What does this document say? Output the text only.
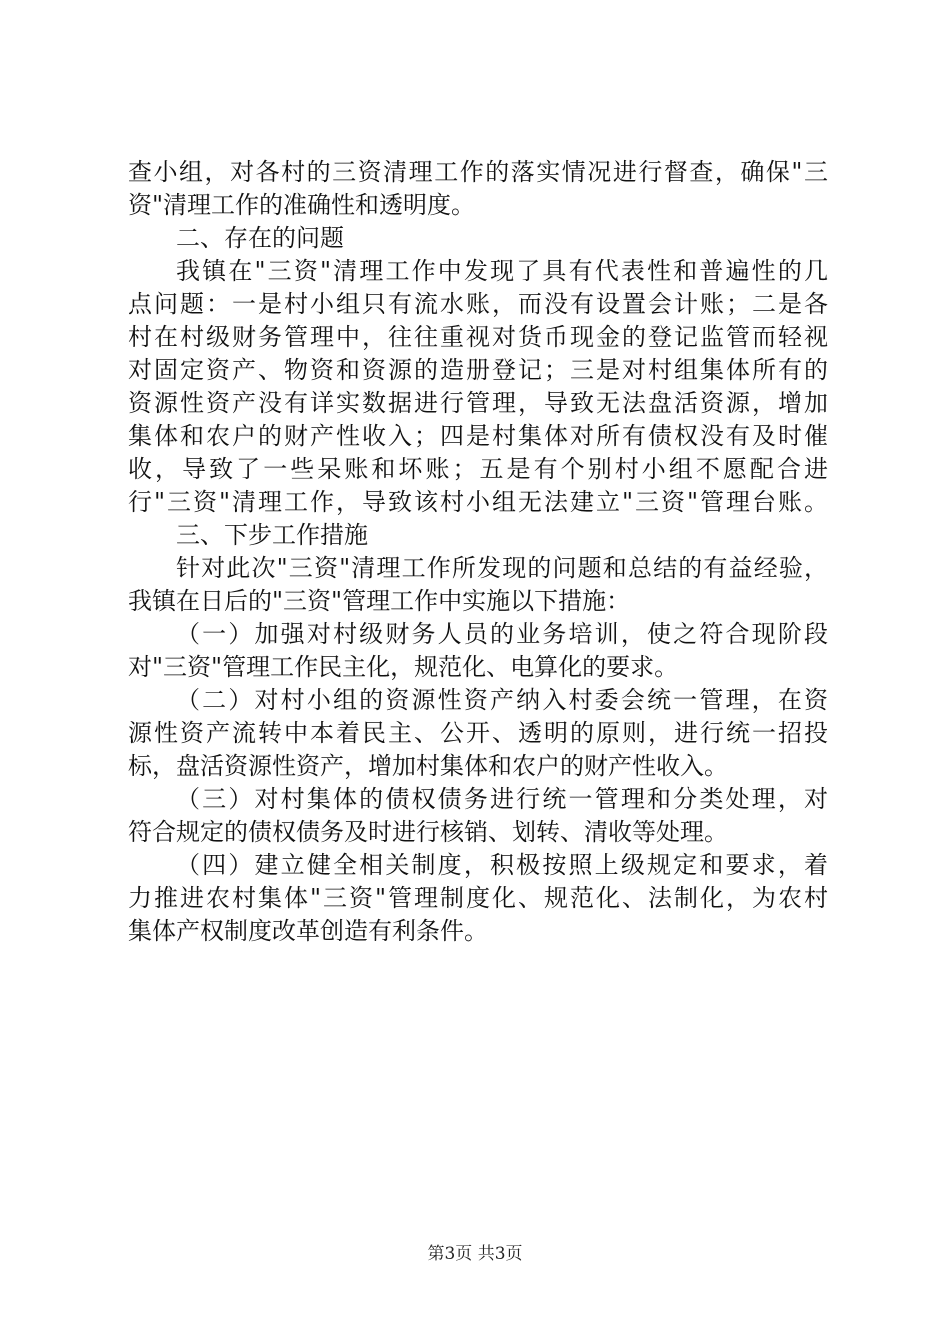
查小组，对各村的三资清理工作的落实情况进行督查，确保"三
资"清理工作的准确性和透明度。

二、存在的问题

我镇在"三资"清理工作中发现了具有代表性和普遍性的几
点问题：一是村小组只有流水账，而没有设置会计账；二是各
村在村级财务管理中，往往重视对货币现金的登记监管而轻视
对固定资产、物资和资源的造册登记；三是对村组集体所有的
资源性资产没有详实数据进行管理，导致无法盘活资源，增加
集体和农户的财产性收入；四是村集体对所有债权没有及时催
收，导致了一些呆账和坏账；五是有个别村小组不愿配合进
行"三资"清理工作，导致该村小组无法建立"三资"管理台账。

三、下步工作措施

针对此次"三资"清理工作所发现的问题和总结的有益经验，
我镇在日后的"三资"管理工作中实施以下措施：

（一）加强对村级财务人员的业务培训，使之符合现阶段
对"三资"管理工作民主化，规范化、电算化的要求。

（二）对村小组的资源性资产纳入村委会统一管理，在资
源性资产流转中本着民主、公开、透明的原则，进行统一招投
标，盘活资源性资产，增加村集体和农户的财产性收入。

（三）对村集体的债权债务进行统一管理和分类处理，对
符合规定的债权债务及时进行核销、划转、清收等处理。

（四）建立健全相关制度，积极按照上级规定和要求，着
力推进农村集体"三资"管理制度化、规范化、法制化，为农村
集体产权制度改革创造有利条件。

第3页 共3页
